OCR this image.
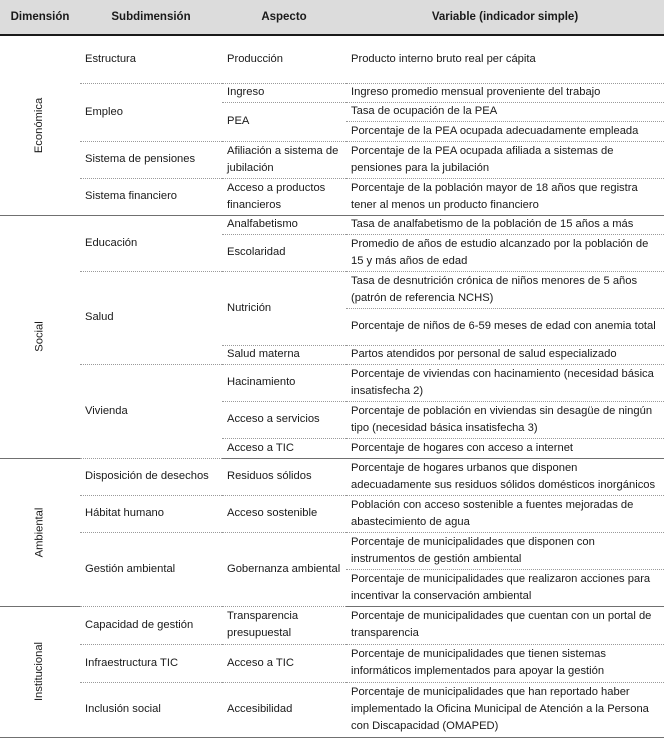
Dimensión	Subdimensión	Aspecto	Variable (indicador simple)
Económica	Estructura	Producción	Producto interno bruto real per cápita
	Empleo	Ingreso	Ingreso promedio mensual proveniente del trabajo
		PEA	Tasa de ocupación de la PEA
			Porcentaje de la PEA ocupada adecuadamente empleada
	Sistema de pensiones	Afiliación a sistema de jubilación	Porcentaje de la PEA ocupada afiliada a sistemas de pensiones para la jubilación
	Sistema financiero	Acceso a productos financieros	Porcentaje de la población mayor de 18 años que registra tener al menos un producto financiero
Social	Educación	Analfabetismo	Tasa de analfabetismo de la población de 15 años a más
		Escolaridad	Promedio de años de estudio alcanzado por la población de 15 y más años de edad
	Salud	Nutrición	Tasa de desnutrición crónica de niños menores de 5 años (patrón de referencia NCHS)
			Porcentaje de niños de 6-59 meses de edad con anemia total
		Salud materna	Partos atendidos por personal de salud especializado
	Vivienda	Hacinamiento	Porcentaje de viviendas con hacinamiento (necesidad básica insatisfecha 2)
		Acceso a servicios	Porcentaje de población en viviendas sin desagüe de ningún tipo (necesidad básica insatisfecha 3)
		Acceso a TIC	Porcentaje de hogares con acceso a internet
Ambiental	Disposición de desechos	Residuos sólidos	Porcentaje de hogares urbanos que disponen adecuadamente sus residuos sólidos domésticos inorgánicos
	Hábitat humano	Acceso sostenible	Población con acceso sostenible a fuentes mejoradas de abastecimiento de agua
	Gestión ambiental	Gobernanza ambiental	Porcentaje de municipalidades que disponen con instrumentos de gestión ambiental
			Porcentaje de municipalidades que realizaron acciones para incentivar la conservación ambiental
Institucional	Capacidad de gestión	Transparencia presupuestal	Porcentaje de municipalidades que cuentan con un portal de transparencia
	Infraestructura TIC	Acceso a TIC	Porcentaje de municipalidades que tienen sistemas informáticos implementados para apoyar la gestión
	Inclusión social	Accesibilidad	Porcentaje de municipalidades que han reportado haber implementado la Oficina Municipal de Atención a la Persona con Discapacidad (OMAPED)
